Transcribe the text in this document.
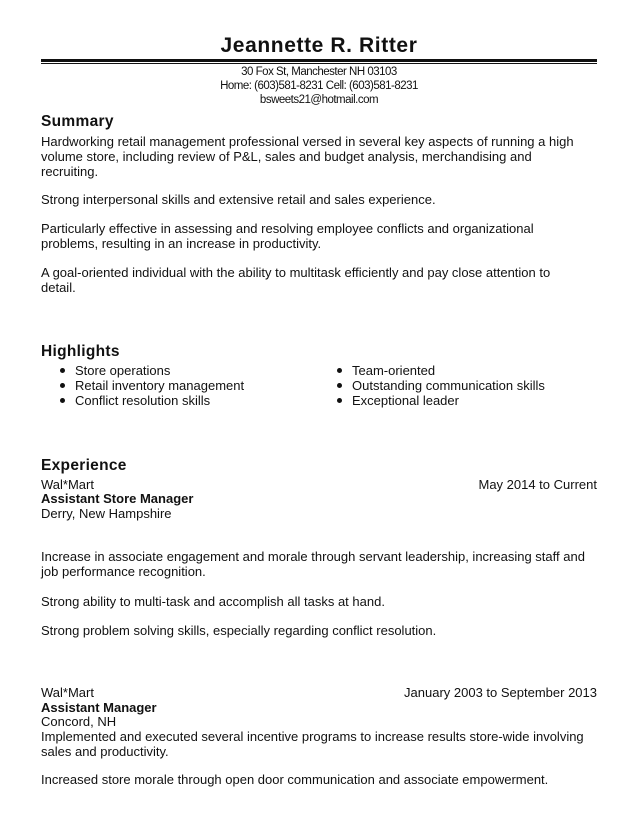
Jeannette R. Ritter
30 Fox St, Manchester NH 03103
Home: (603)581-8231 Cell: (603)581-8231
bsweets21@hotmail.com
Summary
Hardworking retail management professional versed in several key aspects of running a high
volume store, including review of P&L, sales and budget analysis, merchandising and
recruiting.
Strong interpersonal skills and extensive retail and sales experience.
Particularly effective in assessing and resolving employee conflicts and organizational
problems, resulting in an increase in productivity.
A goal-oriented individual with the ability to multitask efficiently and pay close attention to
detail.
Highlights
Store operations
Retail inventory management
Conflict resolution skills
Team-oriented
Outstanding communication skills
Exceptional leader
Experience
Wal*Mart	May 2014 to Current
Assistant Store Manager
Derry, New Hampshire
Increase in associate engagement and morale through servant leadership, increasing staff and
job performance recognition.
Strong ability to multi-task and accomplish all tasks at hand.
Strong problem solving skills, especially regarding conflict resolution.
Wal*Mart	January 2003 to September 2013
Assistant Manager
Concord, NH
Implemented and executed several incentive programs to increase results store-wide involving
sales and productivity.
Increased store morale through open door communication and associate empowerment.
